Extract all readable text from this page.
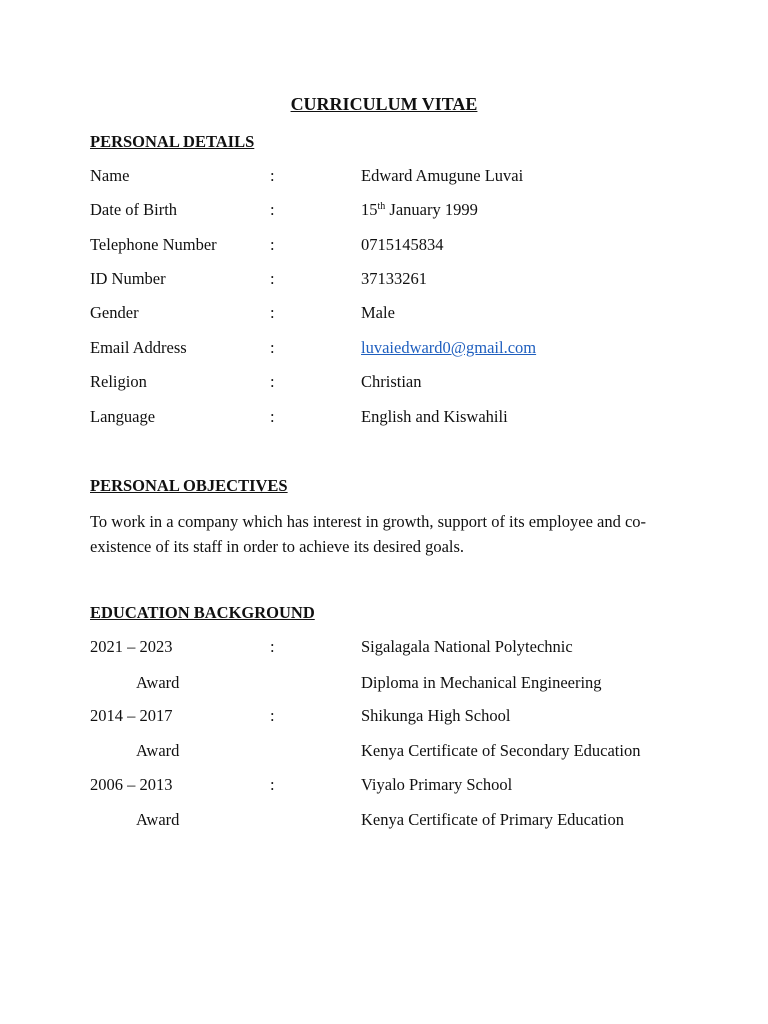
CURRICULUM VITAE
PERSONAL DETAILS
Name	:	Edward Amugune Luvai
Date of Birth	:	15th January 1999
Telephone Number	:	0715145834
ID Number	:	37133261
Gender	:	Male
Email Address	:	luvaiedward0@gmail.com
Religion	:	Christian
Language	:	English and Kiswahili
PERSONAL OBJECTIVES
To work in a company which has interest in growth, support of its employee and co-existence of its staff in order to achieve its desired goals.
EDUCATION BACKGROUND
2021 – 2023	:	Sigalagala National Polytechnic
Award	Diploma in Mechanical Engineering
2014 – 2017	:	Shikunga High School
Award	Kenya Certificate of Secondary Education
2006 – 2013	:	Viyalo Primary School
Award	Kenya Certificate of Primary Education
